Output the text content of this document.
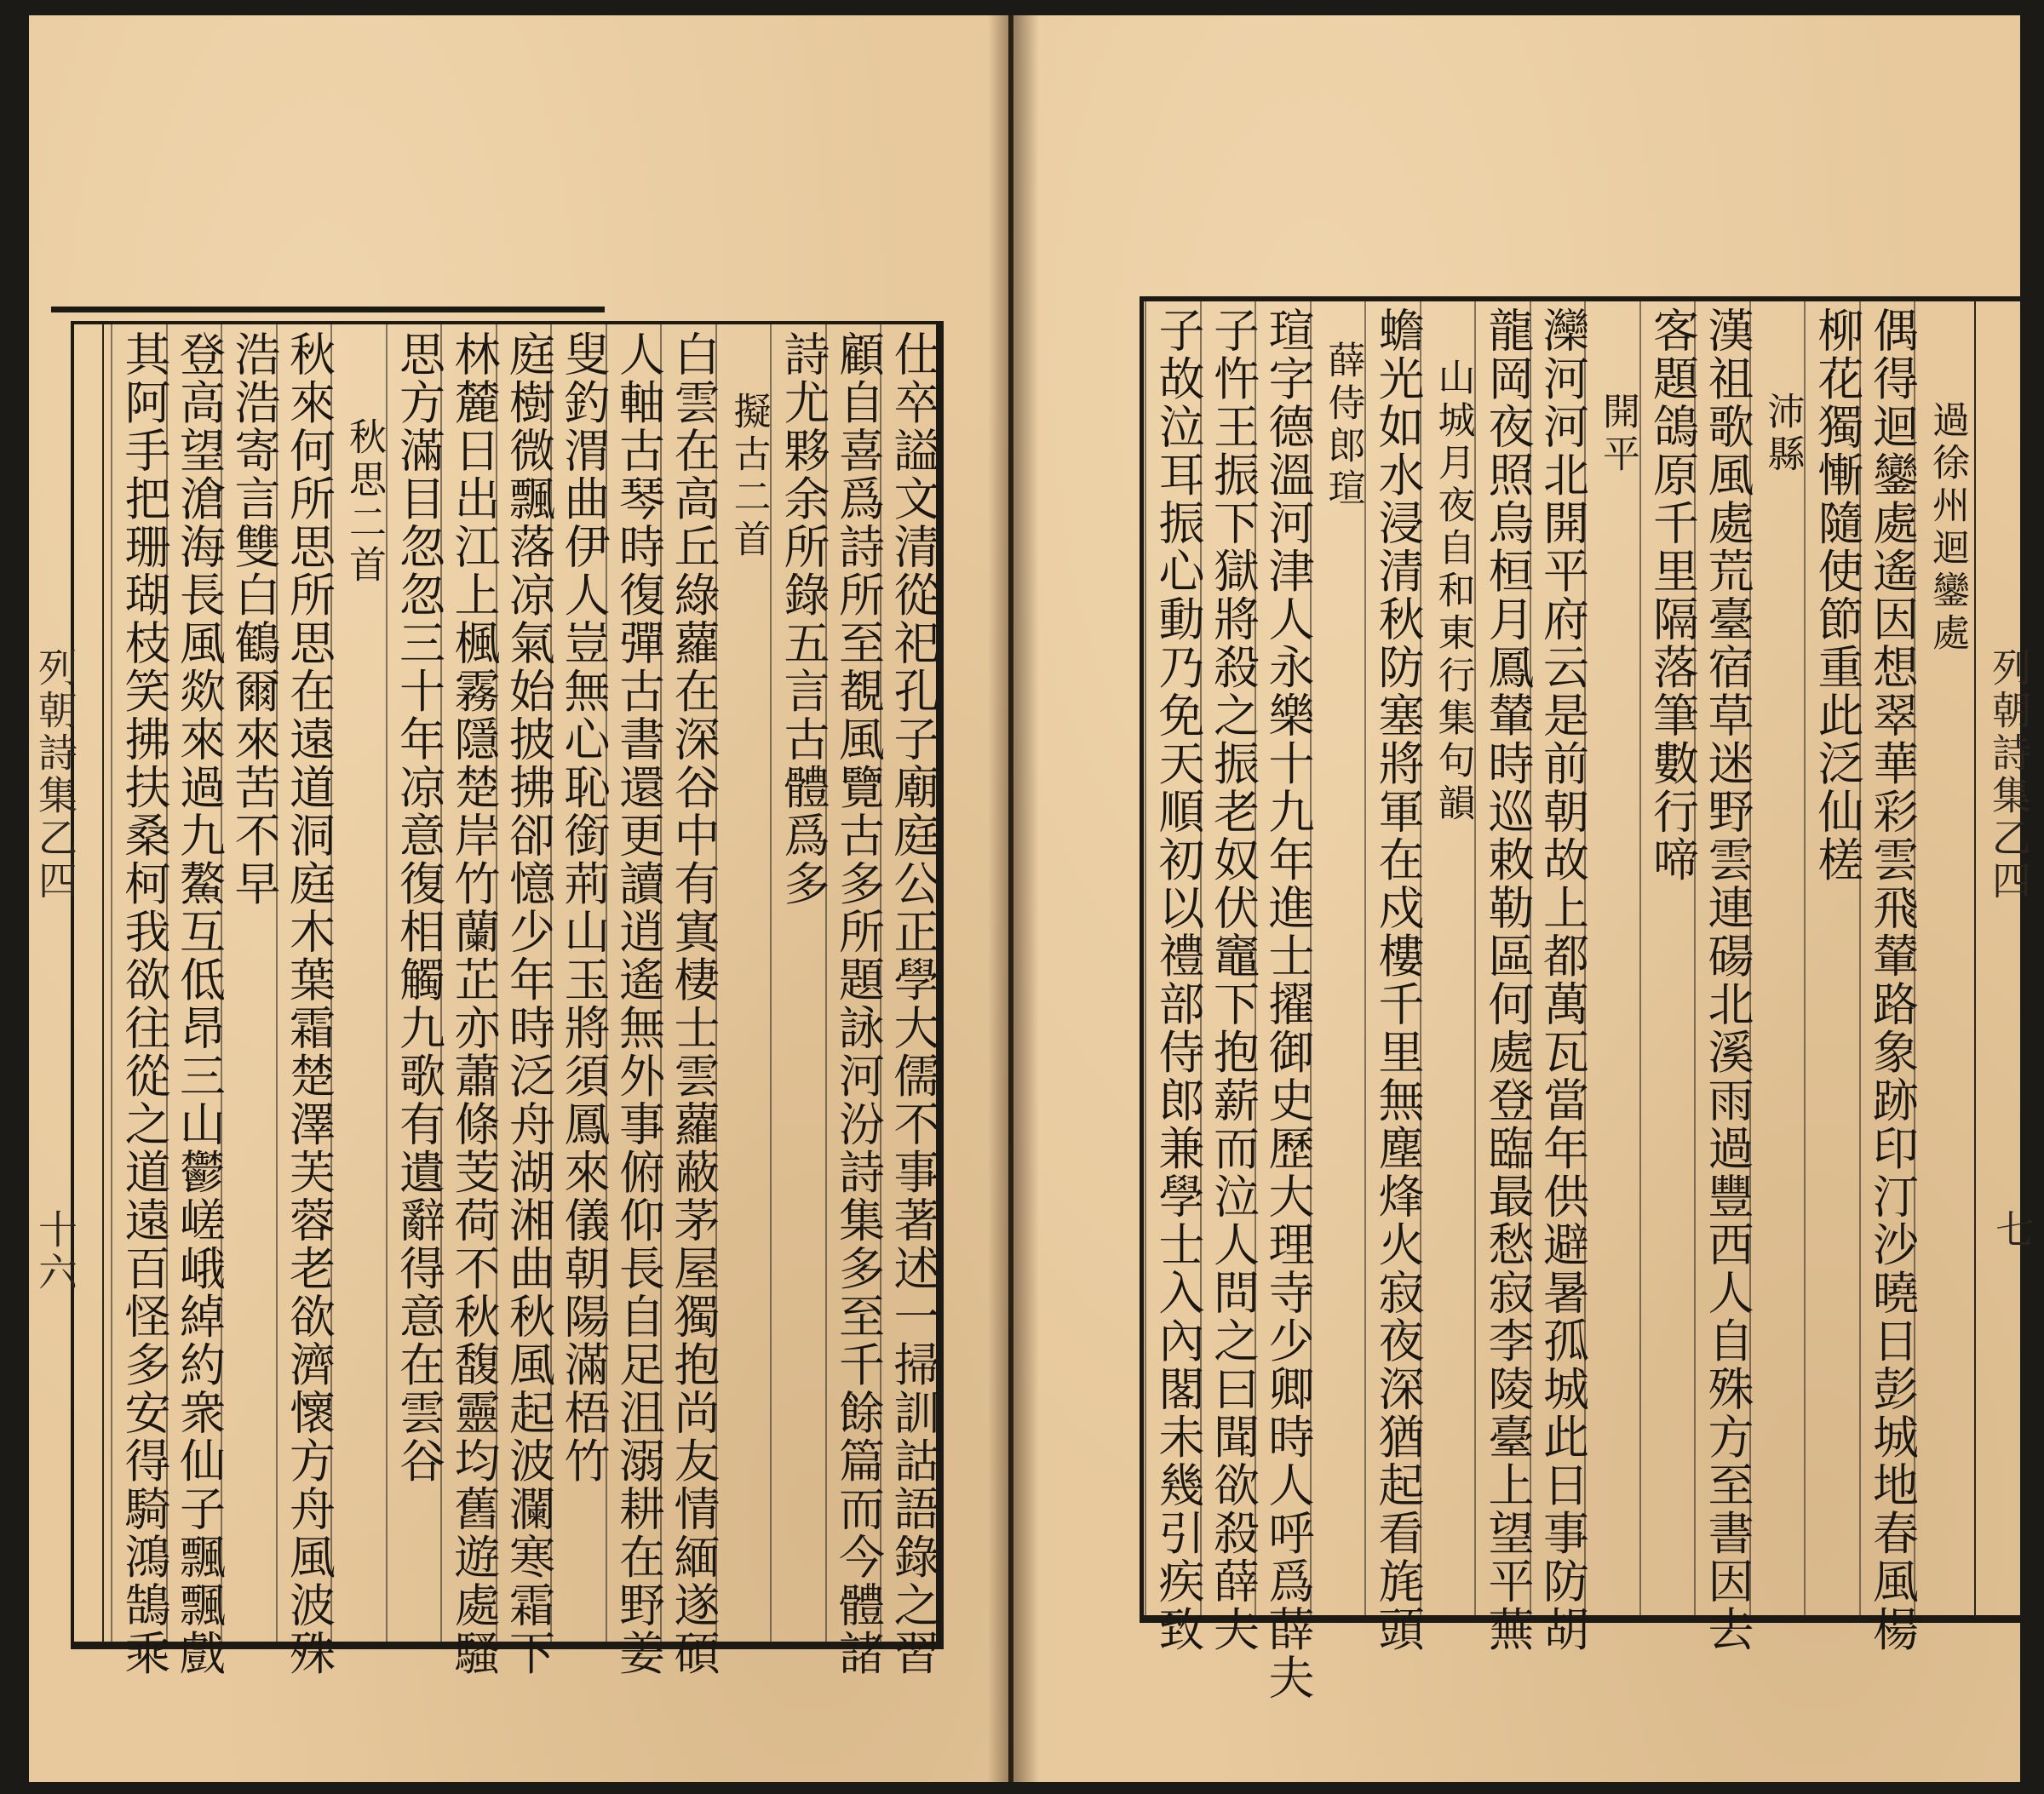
列朝詩集乙四
十六	仕卒謚文清從祀孔子廟庭公正學大儒不事著述一掃訓詁語錄之習
顧自喜爲詩所至覩風覽古多所題詠河汾詩集多至千餘篇而今體諸
詩尤夥余所錄五言古體爲多
擬古二首
白雲在高丘綠蘿在深谷中有寘棲士雲蘿蔽茅屋獨抱尚友情緬遂碩
人軸古琴時復彈古書還更讀逍遙無外事俯仰長自足沮溺耕在野姜
叟釣渭曲伊人豈無心恥銜荊山玉將須鳳來儀朝陽滿梧竹
庭樹微飄落凉氣始披拂卻憶少年時泛舟湖湘曲秋風起波瀾寒霜下
林麓日出江上楓霧隱楚岸竹蘭芷亦蕭條芰荷不秋馥靈均舊遊處騷
思方滿目忽忽三十年凉意復相觸九歌有遺辭得意在雲谷
秋思二首
秋來何所思所思在遠道洞庭木葉霜楚澤芙蓉老欲濟懷方舟風波殊
浩浩寄言雙白鶴爾來苦不早
登高望滄海長風欻來過九鰲互低昂三山鬱嵯峨綽約衆仙子飄飄戲
其阿手把珊瑚枝笑拂扶桑柯我欲往從之道遠百怪多安得騎鴻鵠乘	列朝詩集乙四
七
過徐州迴鑾處
偶得迴鑾處遙因想翠華彩雲飛輦路象跡印汀沙曉日彭城地春風楊
柳花獨慚隨使節重此泛仙槎
沛縣
漢祖歌風處荒臺宿草迷野雲連碭北溪雨過豐西人自殊方至書因去
客題鴿原千里隔落筆數行啼
開平
灤河河北開平府云是前朝故上都萬瓦當年供避暑孤城此日事防胡
龍岡夜照烏桓月鳳輦時巡敕勒區何處登臨最愁寂李陵臺上望平蕪
山城月夜自和東行集句韻
蟾光如水浸清秋防塞將軍在戍樓千里無塵烽火寂夜深猶起看旄頭
薛侍郎瑄
瑄字德溫河津人永樂十九年進士擢御史歷大理寺少卿時人呼爲薛夫
子忤王振下獄將殺之振老奴伏竈下抱薪而泣人問之曰聞欲殺薛夫
子故泣耳振心動乃免天順初以禮部侍郎兼學士入內閣未幾引疾致
